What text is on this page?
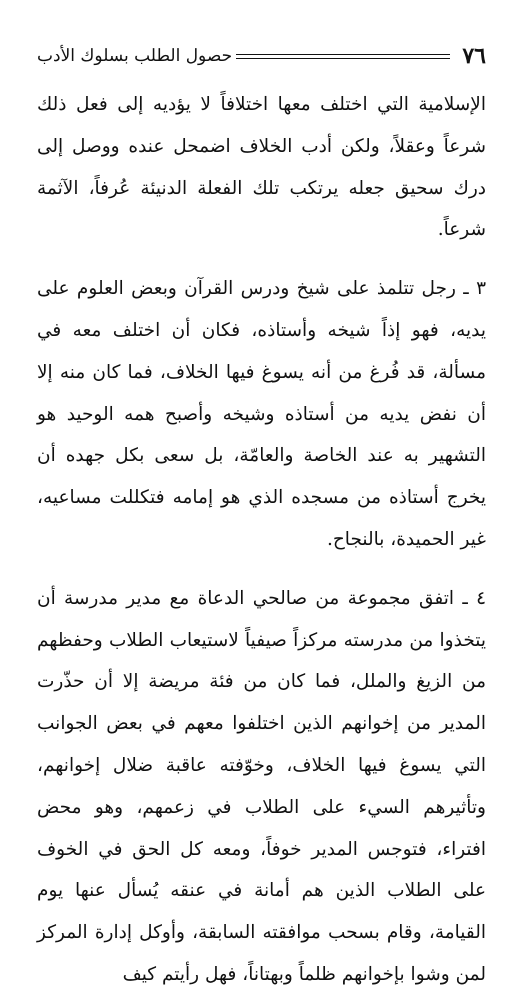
٧٦
حصول الطلب بسلوك الأدب

الإسلامية التي اختلف معها اختلافاً لا يؤديه إلى فعل ذلك شرعاً وعقلاً، ولكن أدب الخلاف اضمحل عنده ووصل إلى درك سحيق جعله يرتكب تلك الفعلة الدنيئة عُرفاً، الآثمة شرعاً.

٣ ـ رجل تتلمذ على شيخ ودرس القرآن وبعض العلوم على يديه، فهو إذاً شيخه وأستاذه، فكان أن اختلف معه في مسألة، قد فُرغ من أنه يسوغ فيها الخلاف، فما كان منه إلا أن نفض يديه من أستاذه وشيخه وأصبح همه الوحيد هو التشهير به عند الخاصة والعامّة، بل سعى بكل جهده أن يخرج أستاذه من مسجده الذي هو إمامه فتكللت مساعيه، غير الحميدة، بالنجاح.

٤ ـ اتفق مجموعة من صالحي الدعاة مع مدير مدرسة أن يتخذوا من مدرسته مركزاً صيفياً لاستيعاب الطلاب وحفظهم من الزيغ والملل، فما كان من فئة مريضة إلا أن حذّرت المدير من إخوانهم الذين اختلفوا معهم في بعض الجوانب التي يسوغ فيها الخلاف، وخوّفته عاقبة ضلال إخوانهم، وتأثيرهم السيء على الطلاب في زعمهم، وهو محض افتراء، فتوجس المدير خوفاً، ومعه كل الحق في الخوف على الطلاب الذين هم أمانة في عنقه يُسأل عنها يوم القيامة، وقام بسحب موافقته السابقة، وأوكل إدارة المركز لمن وشوا بإخوانهم ظلماً وبهتاناً، فهل رأيتم كيف
